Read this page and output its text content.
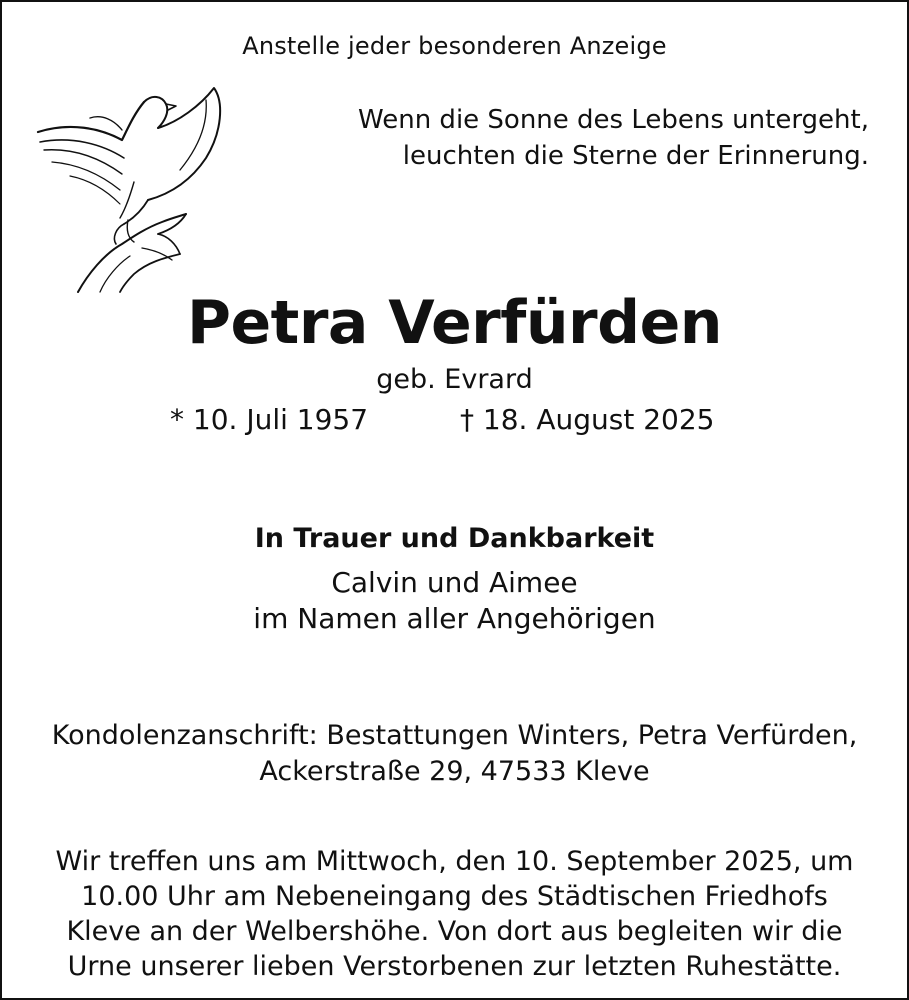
Anstelle jeder besonderen Anzeige
Wenn die Sonne des Lebens untergeht,
leuchten die Sterne der Erinnerung.
Petra Verfürden
geb. Evrard
* 10. Juli 1957	† 18. August 2025
In Trauer und Dankbarkeit
Calvin und Aimee
im Namen aller Angehörigen
Kondolenzanschrift: Bestattungen Winters, Petra Verfürden,
Ackerstraße 29, 47533 Kleve
Wir treffen uns am Mittwoch, den 10. September 2025, um
10.00 Uhr am Nebeneingang des Städtischen Friedhofs
Kleve an der Welbershöhe. Von dort aus begleiten wir die
Urne unserer lieben Verstorbenen zur letzten Ruhestätte.
